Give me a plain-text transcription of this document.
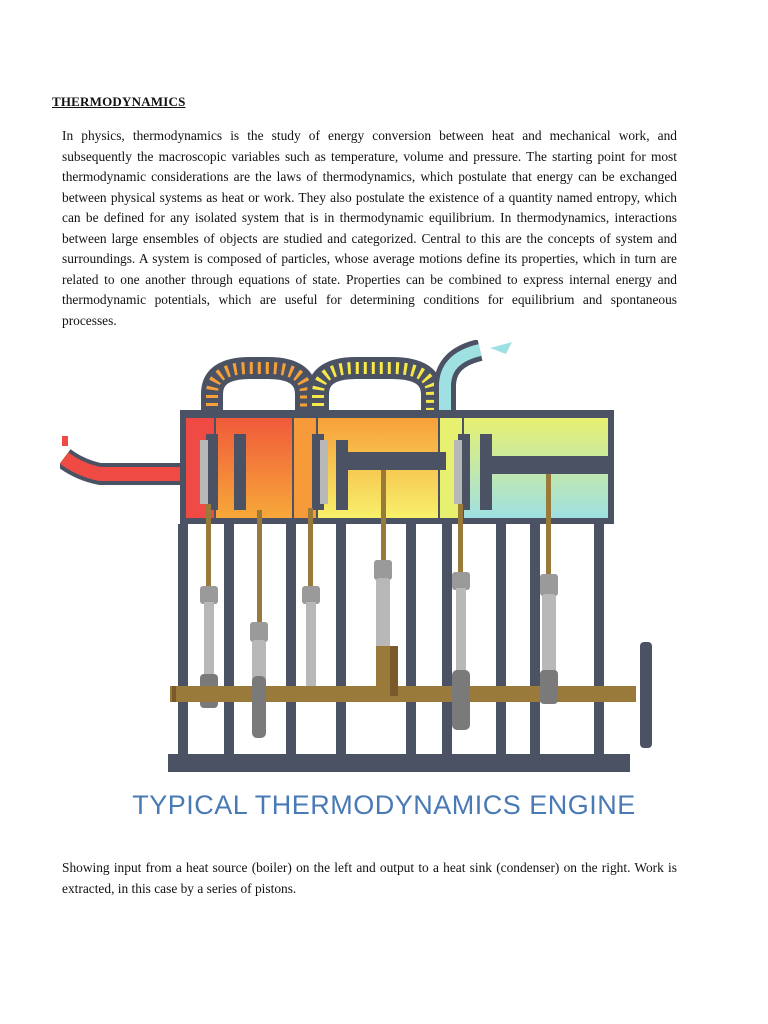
THERMODYNAMICS

In physics, thermodynamics is the study of energy conversion between heat and mechanical work, and subsequently the macroscopic variables such as temperature, volume and pressure. The starting point for most thermodynamic considerations are the laws of thermodynamics, which postulate that energy can be exchanged between physical systems as heat or work. They also postulate the existence of a quantity named entropy, which can be defined for any isolated system that is in thermodynamic equilibrium. In thermodynamics, interactions between large ensembles of objects are studied and categorized. Central to this are the concepts of system and surroundings. A system is composed of particles, whose average motions define its properties, which in turn are related to one another through equations of state. Properties can be combined to express internal energy and thermodynamic potentials, which are useful for determining conditions for equilibrium and spontaneous processes.

TYPICAL THERMODYNAMICS ENGINE

Showing input from a heat source (boiler) on the left and output to a heat sink (condenser) on the right. Work is extracted, in this case by a series of pistons.
